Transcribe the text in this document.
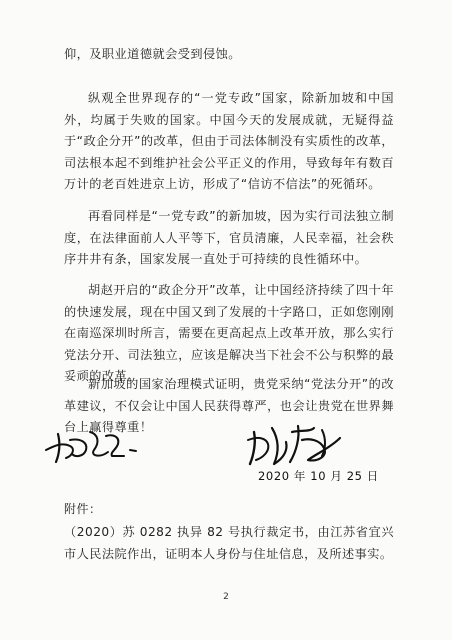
仰，及职业道德就会受到侵蚀。

纵观全世界现存的“一党专政”国家，除新加坡和中国外，均属于失败的国家。中国今天的发展成就，无疑得益于“政企分开”的改革，但由于司法体制没有实质性的改革，司法根本起不到维护社会公平正义的作用，导致每年有数百万计的老百姓进京上访，形成了“信访不信法”的死循环。

再看同样是“一党专政”的新加坡，因为实行司法独立制度，在法律面前人人平等下，官员清廉，人民幸福，社会秩序井井有条，国家发展一直处于可持续的良性循环中。

胡赵开启的“政企分开”改革，让中国经济持续了四十年的快速发展，现在中国又到了发展的十字路口，正如您刚刚在南巡深圳时所言，需要在更高起点上改革开放，那么实行党法分开、司法独立，应该是解决当下社会不公与积弊的最妥顽的改革。

新加坡的国家治理模式证明，贵党采纳“党法分开”的改革建议，不仅会让中国人民获得尊严，也会让贵党在世界舞台上赢得尊重！

2020 年 10 月 25 日
附件：

（2020）苏 0282 执异 82 号执行裁定书，由江苏省宜兴市人民法院作出，证明本人身份与住址信息，及所述事实。

2
